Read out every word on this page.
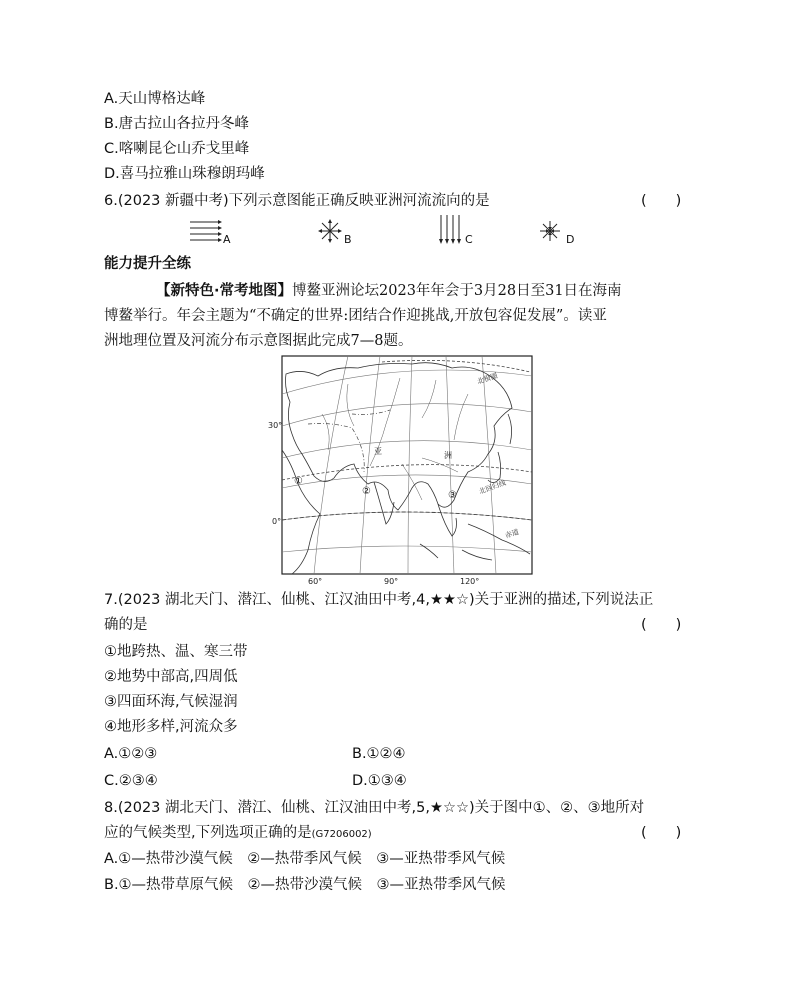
A.天山博格达峰
B.唐古拉山各拉丹冬峰
C.喀喇昆仑山乔戈里峰
D.喜马拉雅山珠穆朗玛峰
6.(2023 新疆中考)下列示意图能正确反映亚洲河流流向的是	(　　)
A	B	C	D
能力提升全练
【新特色·常考地图】博鳌亚洲论坛2023年年会于3月28日至31日在海南
博鳌举行。年会主题为“不确定的世界:团结合作迎挑战,开放包容促发展”。读亚
洲地理位置及河流分布示意图据此完成7—8题。
30°
0°
北极圈
北回归线
赤道
亚	洲
①
②	③
60°	90°	120°
7.(2023 湖北天门、潜江、仙桃、江汉油田中考,4,★★☆)关于亚洲的描述,下列说法正
确的是	(　　)
①地跨热、温、寒三带
②地势中部高,四周低
③四面环海,气候湿润
④地形多样,河流众多
A.①②③	B.①②④
C.②③④	D.①③④
8.(2023 湖北天门、潜江、仙桃、江汉油田中考,5,★☆☆)关于图中①、②、③地所对
应的气候类型,下列选项正确的是(G7206002)	(　　)
A.①—热带沙漠气候　②—热带季风气候　③—亚热带季风气候
B.①—热带草原气候　②—热带沙漠气候　③—亚热带季风气候
